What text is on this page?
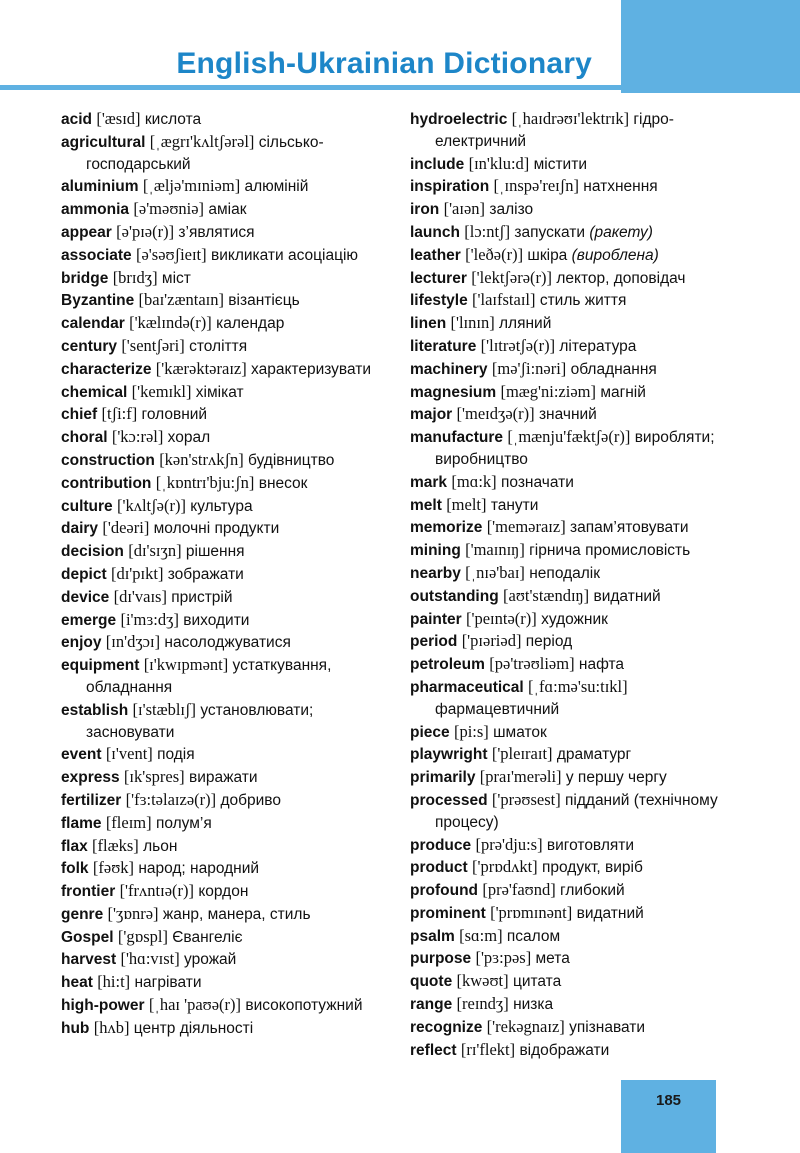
English-Ukrainian Dictionary

acid ['æsɪd] кислота

agricultural [ˌægrɪ'kʌltʃərəl] сільсько-господарський

aluminium [ˌæljə'mɪniəm] алюміній

ammonia [ə'məʊniə] аміак

appear [ə'pɪə(r)] з’являтися

associate [ə'səʊʃieɪt] викликати асоціацію

bridge [brɪdʒ] міст

Byzantine [baɪ'zæntaɪn] візантієць

calendar ['kælɪndə(r)] календар

century ['sentʃəri] століття

characterize ['kærəktəraɪz] характеризувати

chemical ['kemɪkl] хімікат

chief [tʃi:f] головний

choral ['kɔ:rəl] хорал

construction [kən'strʌkʃn] будівництво

contribution [ˌkɒntrɪ'bju:ʃn] внесок

culture ['kʌltʃə(r)] культура

dairy ['deəri] молочні продукти

decision [dɪ'sɪʒn] рішення

depict [dɪ'pɪkt] зображати

device [dɪ'vaɪs] пристрій

emerge [i'mɜ:dʒ] виходити

enjoy [ɪn'dʒɔɪ] насолоджуватися

equipment [ɪ'kwɪpmənt] устаткування, обладнання

establish [ɪ'stæblɪʃ] установлювати; засновувати

event [ɪ'vent] подія

express [ɪk'spres] виражати

fertilizer ['fɜ:təlaɪzə(r)] добриво

flame [fleɪm] полум’я

flax [flæks] льон

folk [fəʊk] народ; народний

frontier ['frʌntɪə(r)] кордон

genre ['ʒɒnrə] жанр, манера, стиль

Gospel ['gɒspl] Євангеліє

harvest ['hɑ:vɪst] урожай

heat [hi:t] нагрівати

high-power [ˌhaɪ 'paʊə(r)] високопотужний

hub [hʌb] центр діяльності

hydroelectric [ˌhaɪdrəʊɪ'lektrɪk] гідро-електричний

include [ɪn'klu:d] містити

inspiration [ˌɪnspə'reɪʃn] натхнення

iron ['aɪən] залізо

launch [lɔ:ntʃ] запускати (ракету)

leather ['leðə(r)] шкіра (вироблена)

lecturer ['lektʃərə(r)] лектор, доповідач

lifestyle ['laɪfstaɪl] стиль життя

linen ['lɪnɪn] лляний

literature ['lɪtrətʃə(r)] література

machinery [mə'ʃi:nəri] обладнання

magnesium [mæg'ni:ziəm] магній

major ['meɪdʒə(r)] значний

manufacture [ˌmænju'fæktʃə(r)] виробляти; виробництво

mark [mɑ:k] позначати

melt [melt] танути

memorize ['meməraɪz] запам’ятовувати

mining ['maɪnɪŋ] гірнича промисловість

nearby [ˌnɪə'baɪ] неподалік

outstanding [aʊt'stændɪŋ] видатний

painter ['peɪntə(r)] художник

period ['pɪəriəd] період

petroleum [pə'trəʊliəm] нафта

pharmaceutical [ˌfɑ:mə'su:tɪkl] фармацевтичний

piece [pi:s] шматок

playwright ['pleɪraɪt] драматург

primarily [praɪ'merəli] у першу чергу

processed ['prəʊsest] підданий (технічному процесу)

produce [prə'dju:s] виготовляти

product ['prɒdʌkt] продукт, виріб

profound [prə'faʊnd] глибокий

prominent ['prɒmɪnənt] видатний

psalm [sɑ:m] псалом

purpose ['pɜ:pəs] мета

quote [kwəʊt] цитата

range [reɪndʒ] низка

recognize ['rekəgnaɪz] упізнавати

reflect [rɪ'flekt] відображати

185
